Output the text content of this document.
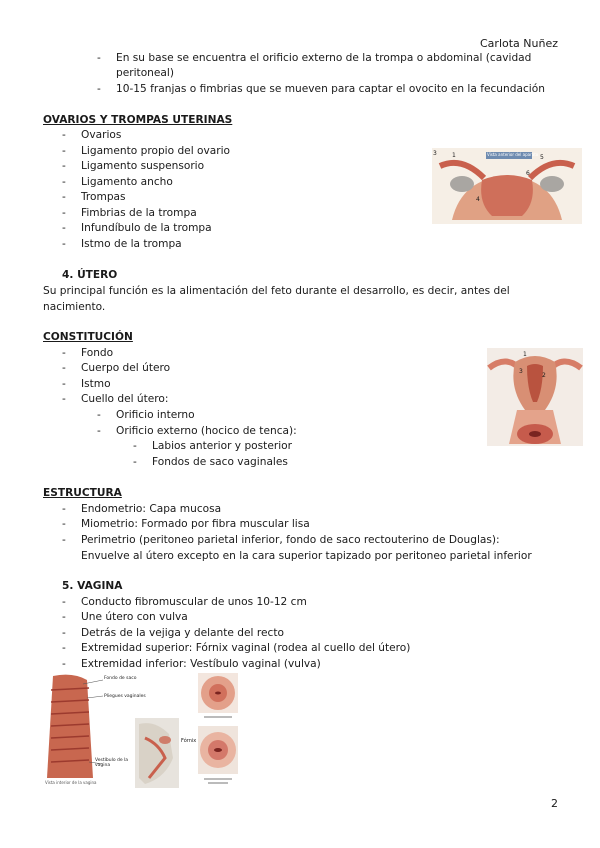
Carlota Nuñez
2
- En su base se encuentra el orificio externo de la trompa o abdominal (cavidad
peritoneal)
- 10-15 franjas o fimbrias que se mueven para captar el ovocito en la fecundación
OVARIOS Y TROMPAS UTERINAS
- Ovarios
- Ligamento propio del ovario
- Ligamento suspensorio
- Ligamento ancho
- Trompas
- Fimbrias de la trompa
- Infundíbulo de la trompa
- Istmo de la trompa
Vista anterior del aparato
3	1	5
6
4
4. ÚTERO
Su principal función es la alimentación del feto durante el desarrollo, es decir, antes del
nacimiento.
CONSTITUCIÓN
- Fondo
- Cuerpo del útero
- Istmo
- Cuello del útero:
- Orificio interno
- Orificio externo (hocico de tenca):
- Labios anterior y posterior
- Fondos de saco vaginales
1
3
2
ESTRUCTURA
- Endometrio: Capa mucosa
- Miometrio: Formado por fibra muscular lisa
- Perimetrio (peritoneo parietal inferior, fondo de saco rectouterino de Douglas):
Envuelve al útero excepto en la cara superior tapizado por peritoneo parietal inferior
5. VAGINA
- Conducto fibromuscular de unos 10-12 cm
- Une útero con vulva
- Detrás de la vejiga y delante del recto
- Extremidad superior: Fórnix vaginal (rodea al cuello del útero)
- Extremidad inferior: Vestíbulo vaginal (vulva)
Fondo de saco
Pliegues vaginales
Vestíbulo de la vagina
Vista interior de la vagina
Fórnix
